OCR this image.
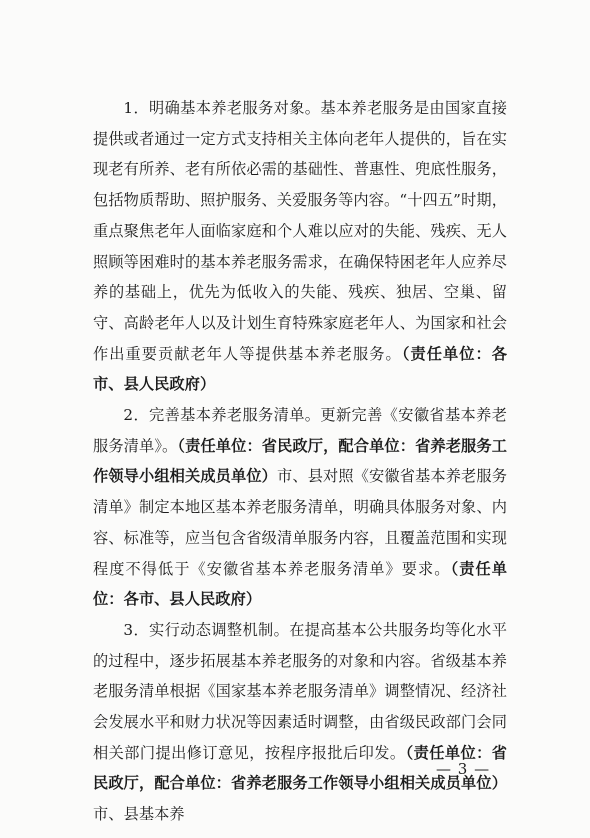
1．明确基本养老服务对象。基本养老服务是由国家直接提供或者通过一定方式支持相关主体向老年人提供的，旨在实现老有所养、老有所依必需的基础性、普惠性、兜底性服务，包括物质帮助、照护服务、关爱服务等内容。“十四五”时期，重点聚焦老年人面临家庭和个人难以应对的失能、残疾、无人照顾等困难时的基本养老服务需求，在确保特困老年人应养尽养的基础上，优先为低收入的失能、残疾、独居、空巢、留守、高龄老年人以及计划生育特殊家庭老年人、为国家和社会作出重要贡献老年人等提供基本养老服务。（责任单位：各市、县人民政府）

2．完善基本养老服务清单。更新完善《安徽省基本养老服务清单》。（责任单位：省民政厅，配合单位：省养老服务工作领导小组相关成员单位）市、县对照《安徽省基本养老服务清单》制定本地区基本养老服务清单，明确具体服务对象、内容、标准等，应当包含省级清单服务内容，且覆盖范围和实现程度不得低于《安徽省基本养老服务清单》要求。（责任单位：各市、县人民政府）

3．实行动态调整机制。在提高基本公共服务均等化水平的过程中，逐步拓展基本养老服务的对象和内容。省级基本养老服务清单根据《国家基本养老服务清单》调整情况、经济社会发展水平和财力状况等因素适时调整，由省级民政部门会同相关部门提出修订意见，按程序报批后印发。（责任单位：省民政厅，配合单位：省养老服务工作领导小组相关成员单位）市、县基本养

— 3 —
